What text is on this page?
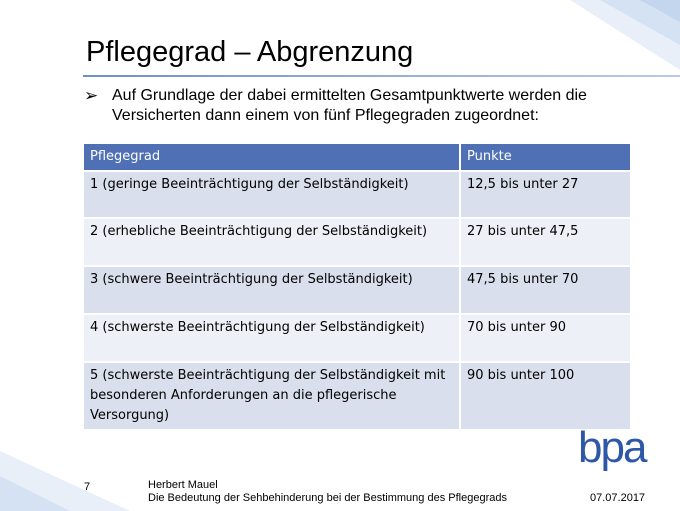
Pflegegrad – Abgrenzung
➢ Auf Grundlage der dabei ermittelten Gesamtpunktwerte werden die Versicherten dann einem von fünf Pflegegraden zugeordnet:
Pflegegrad	Punkte
1 (geringe Beeinträchtigung der Selbständigkeit)	12,5 bis unter 27
2 (erhebliche Beeinträchtigung der Selbständigkeit)	27 bis unter 47,5
3 (schwere Beeinträchtigung der Selbständigkeit)	47,5 bis unter 70
4 (schwerste Beeinträchtigung der Selbständigkeit)	70 bis unter 90
5 (schwerste Beeinträchtigung der Selbständigkeit mit besonderen Anforderungen an die pflegerische Versorgung)	90 bis unter 100
bpa
7	Herbert Mauel
Die Bedeutung der Sehbehinderung bei der Bestimmung des Pflegegrads	07.07.2017
